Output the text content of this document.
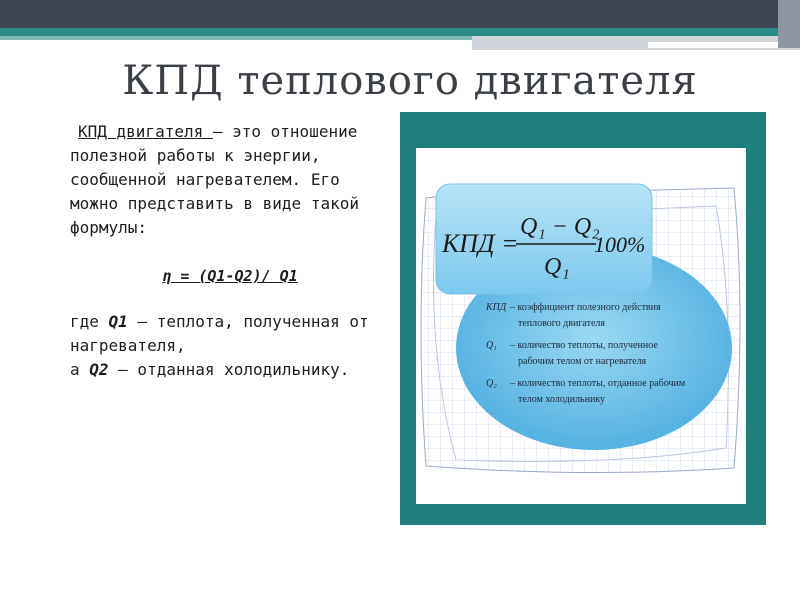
КПД теплового двигателя
КПД двигателя — это отношение полезной работы к энергии, сообщенной нагревателем. Его можно представить в виде такой формулы:
η = (Q1-Q2)/ Q1
где Q1 — теплота, полученная от нагревателя,
а Q2 — отданная холодильнику.
КПД =
Q₁ − Q₂
Q₁
100%
КПД – коэффициент полезного действия
теплового двигателя
Q₁ – количество теплоты, полученное
рабочим телом от нагревателя
Q₂ – количество теплоты, отданное рабочим
телом холодильнику
